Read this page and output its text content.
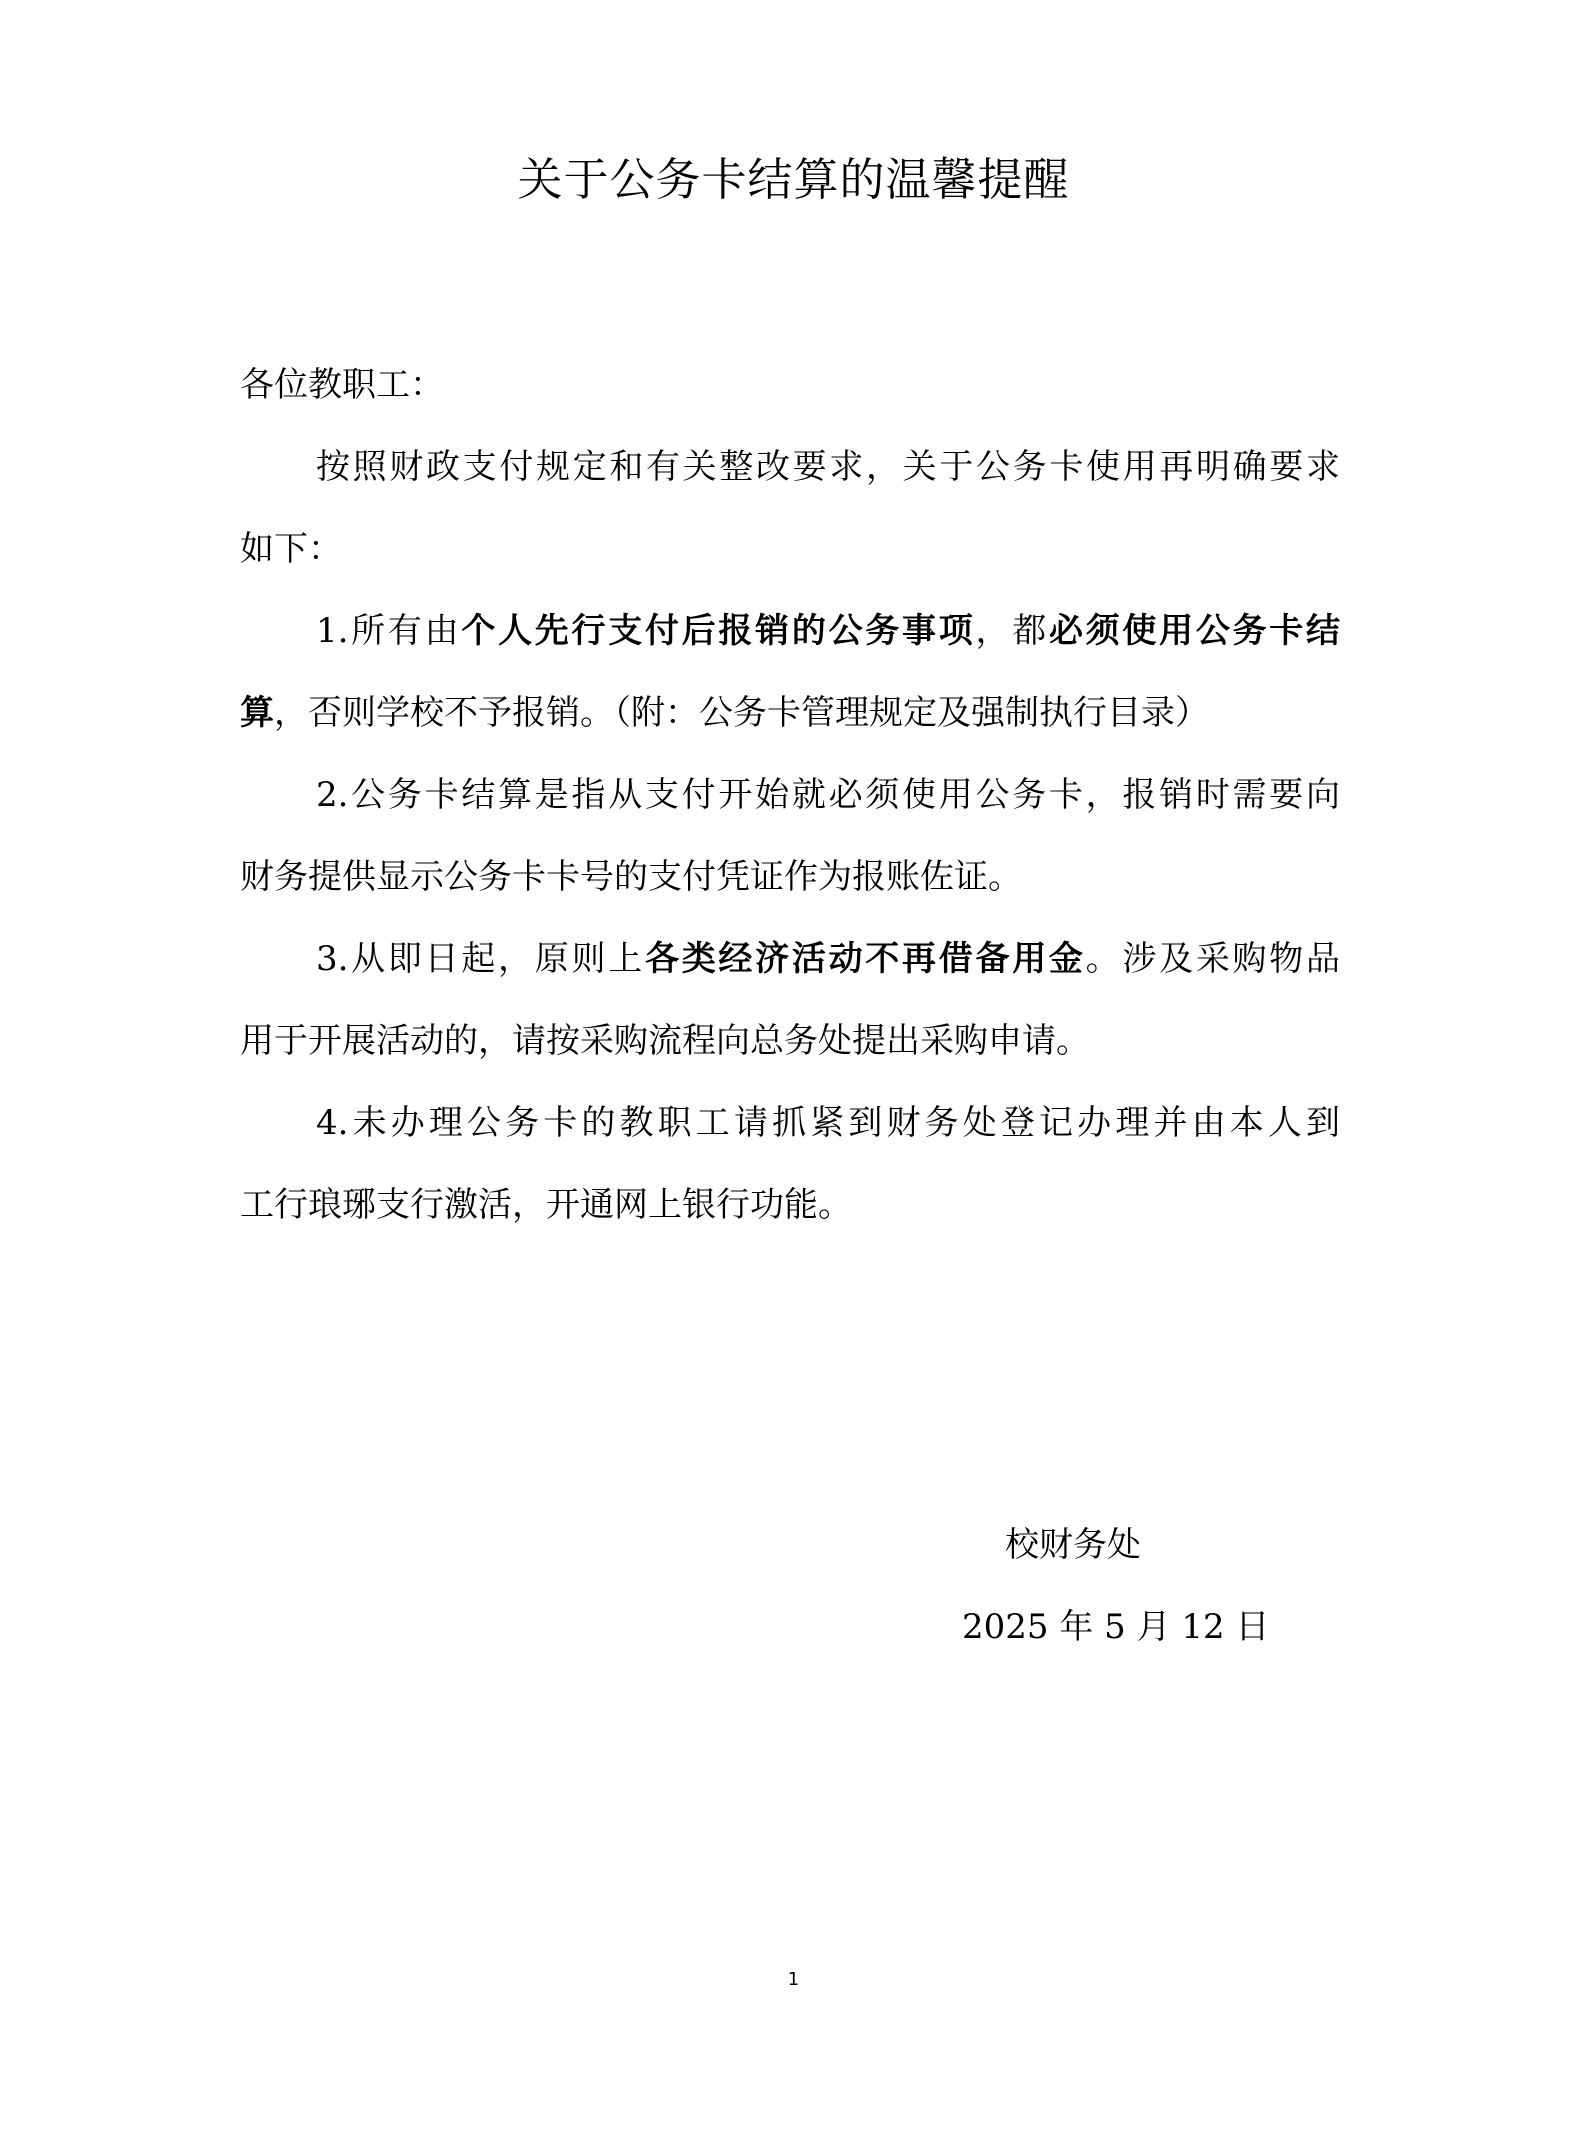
关于公务卡结算的温馨提醒
各位教职工：
按照财政支付规定和有关整改要求，关于公务卡使用再明确要求
如下：
1.所有由个人先行支付后报销的公务事项，都必须使用公务卡结
算，否则学校不予报销。（附：公务卡管理规定及强制执行目录）
2.公务卡结算是指从支付开始就必须使用公务卡，报销时需要向
财务提供显示公务卡卡号的支付凭证作为报账佐证。
3.从即日起，原则上各类经济活动不再借备用金。涉及采购物品
用于开展活动的，请按采购流程向总务处提出采购申请。
4.未办理公务卡的教职工请抓紧到财务处登记办理并由本人到
工行琅琊支行激活，开通网上银行功能。
校财务处
2025 年 5 月 12 日
1
